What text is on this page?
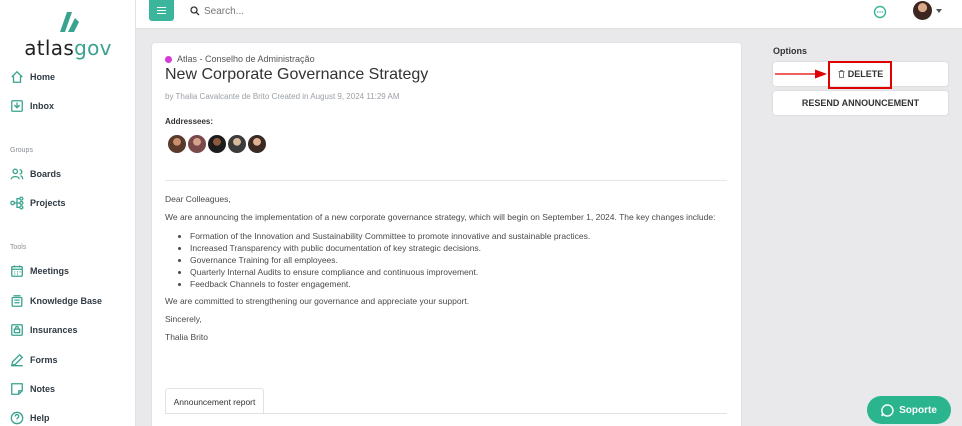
atlasgov
Home
Inbox
Groups
Boards
Projects
Tools
Meetings
Knowledge Base
Insurances
Forms
Notes
Help
Search...
Atlas - Conselho de Administração
New Corporate Governance Strategy
by Thalia Cavalcante de Brito Created in August 9, 2024 11:29 AM
Addressees:
Dear Colleagues,
We are announcing the implementation of a new corporate governance strategy, which will begin on September 1, 2024. The key changes include:
• Formation of the Innovation and Sustainability Committee to promote innovative and sustainable practices.
• Increased Transparency with public documentation of key strategic decisions.
• Governance Training for all employees.
• Quarterly Internal Audits to ensure compliance and continuous improvement.
• Feedback Channels to foster engagement.
We are committed to strengthening our governance and appreciate your support.
Sincerely,
Thalia Brito
Announcement report
Options
DELETE
RESEND ANNOUNCEMENT
Soporte
